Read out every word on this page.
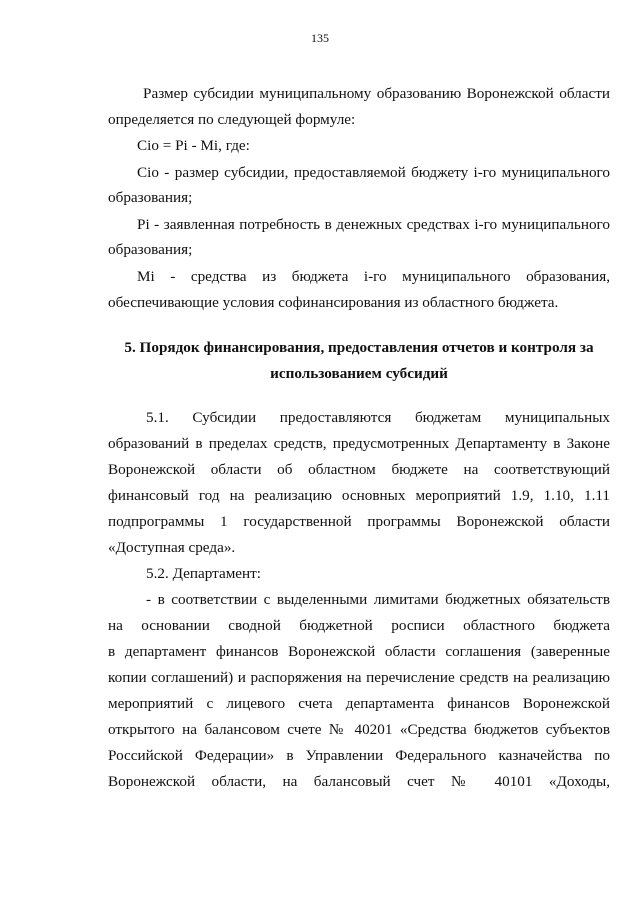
135
Размер субсидии муниципальному образованию Воронежской области
определяется по следующей формуле:
Сio = Pi - Mi, где:
Сio - размер субсидии, предоставляемой бюджету i-го муниципального
образования;
Pi - заявленная потребность в денежных средствах i-го муниципального
образования;
Mi - средства из бюджета i-го муниципального образования,
обеспечивающие условия софинансирования из областного бюджета.
5. Порядок финансирования, предоставления отчетов и контроля за
использованием субсидий
5.1. Субсидии предоставляются бюджетам муниципальных
образований в пределах средств, предусмотренных Департаменту в Законе
Воронежской области об областном бюджете на соответствующий
финансовый год на реализацию основных мероприятий 1.9, 1.10, 1.11
подпрограммы 1 государственной программы Воронежской области
«Доступная среда».
5.2. Департамент:
- в соответствии с выделенными лимитами бюджетных обязательств
на основании сводной бюджетной росписи областного бюджета
в департамент финансов Воронежской области соглашения (заверенные
копии соглашений) и распоряжения на перечисление средств на реализацию
мероприятий с лицевого счета департамента финансов Воронежской
открытого на балансовом счете № 40201 «Средства бюджетов субъектов
Российской Федерации» в Управлении Федерального казначейства по
Воронежской области, на балансовый счет № 40101 «Доходы,
